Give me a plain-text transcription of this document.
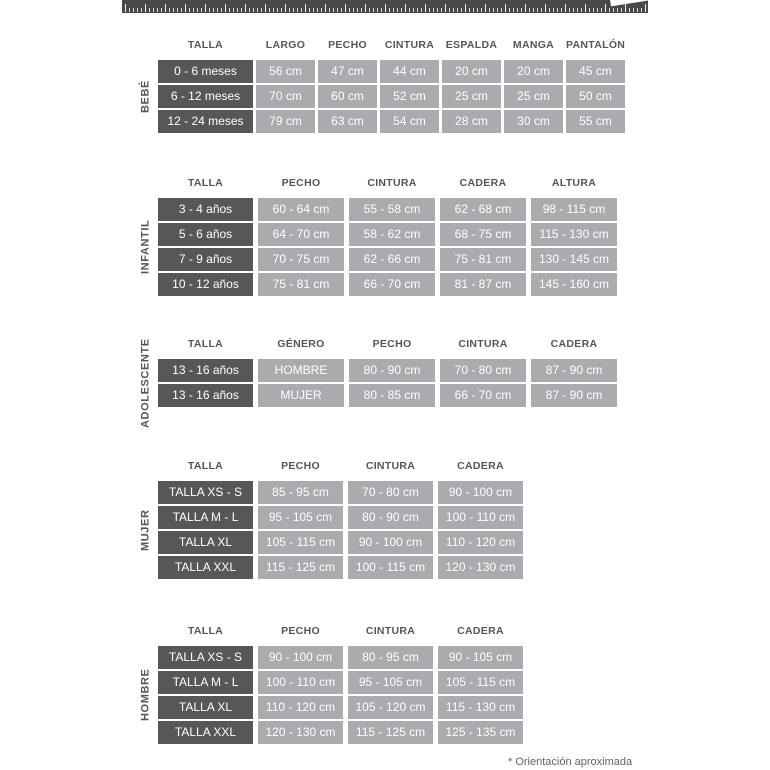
BEBÉ
TALLA	LARGO	PECHO	CINTURA	ESPALDA	MANGA	PANTALÓN
0 - 6 meses	56 cm	47 cm	44 cm	20 cm	20 cm	45 cm
6 - 12 meses	70 cm	60 cm	52 cm	25 cm	25 cm	50 cm
12 - 24 meses	79 cm	63 cm	54 cm	28 cm	30 cm	55 cm
INFANTIL
TALLA	PECHO	CINTURA	CADERA	ALTURA
3 - 4 años	60 - 64 cm	55 - 58 cm	62 - 68 cm	98 - 115 cm
5 - 6 años	64 - 70 cm	58 - 62 cm	68 - 75 cm	115 - 130 cm
7 - 9 años	70 - 75 cm	62 - 66 cm	75 - 81 cm	130 - 145 cm
10 - 12 años	75 - 81 cm	66 - 70 cm	81 - 87 cm	145 - 160 cm
ADOLESCENTE	TALLA	GÉNERO	PECHO	CINTURA	CADERA
13 - 16 años	HOMBRE	80 - 90 cm	70 - 80 cm	87 - 90 cm
13 - 16 años	MUJER	80 - 85 cm	66 - 70 cm	87 - 90 cm
MUJER
TALLA	PECHO	CINTURA	CADERA
TALLA XS - S	85 - 95 cm	70 - 80 cm	90 - 100 cm
TALLA M - L	95 - 105 cm	80 - 90 cm	100 - 110 cm
TALLA XL	105 - 115 cm	90 - 100 cm	110 - 120 cm
TALLA XXL	115 - 125 cm	100 - 115 cm	120 - 130 cm
HOMBRE
TALLA	PECHO	CINTURA	CADERA
TALLA XS - S	90 - 100 cm	80 - 95 cm	90 - 105 cm
TALLA M - L	100 - 110 cm	95 - 105 cm	105 - 115 cm
TALLA XL	110 - 120 cm	105 - 120 cm	115 - 130 cm
TALLA XXL	120 - 130 cm	115 - 125 cm	125 - 135 cm
* Orientación aproximada
